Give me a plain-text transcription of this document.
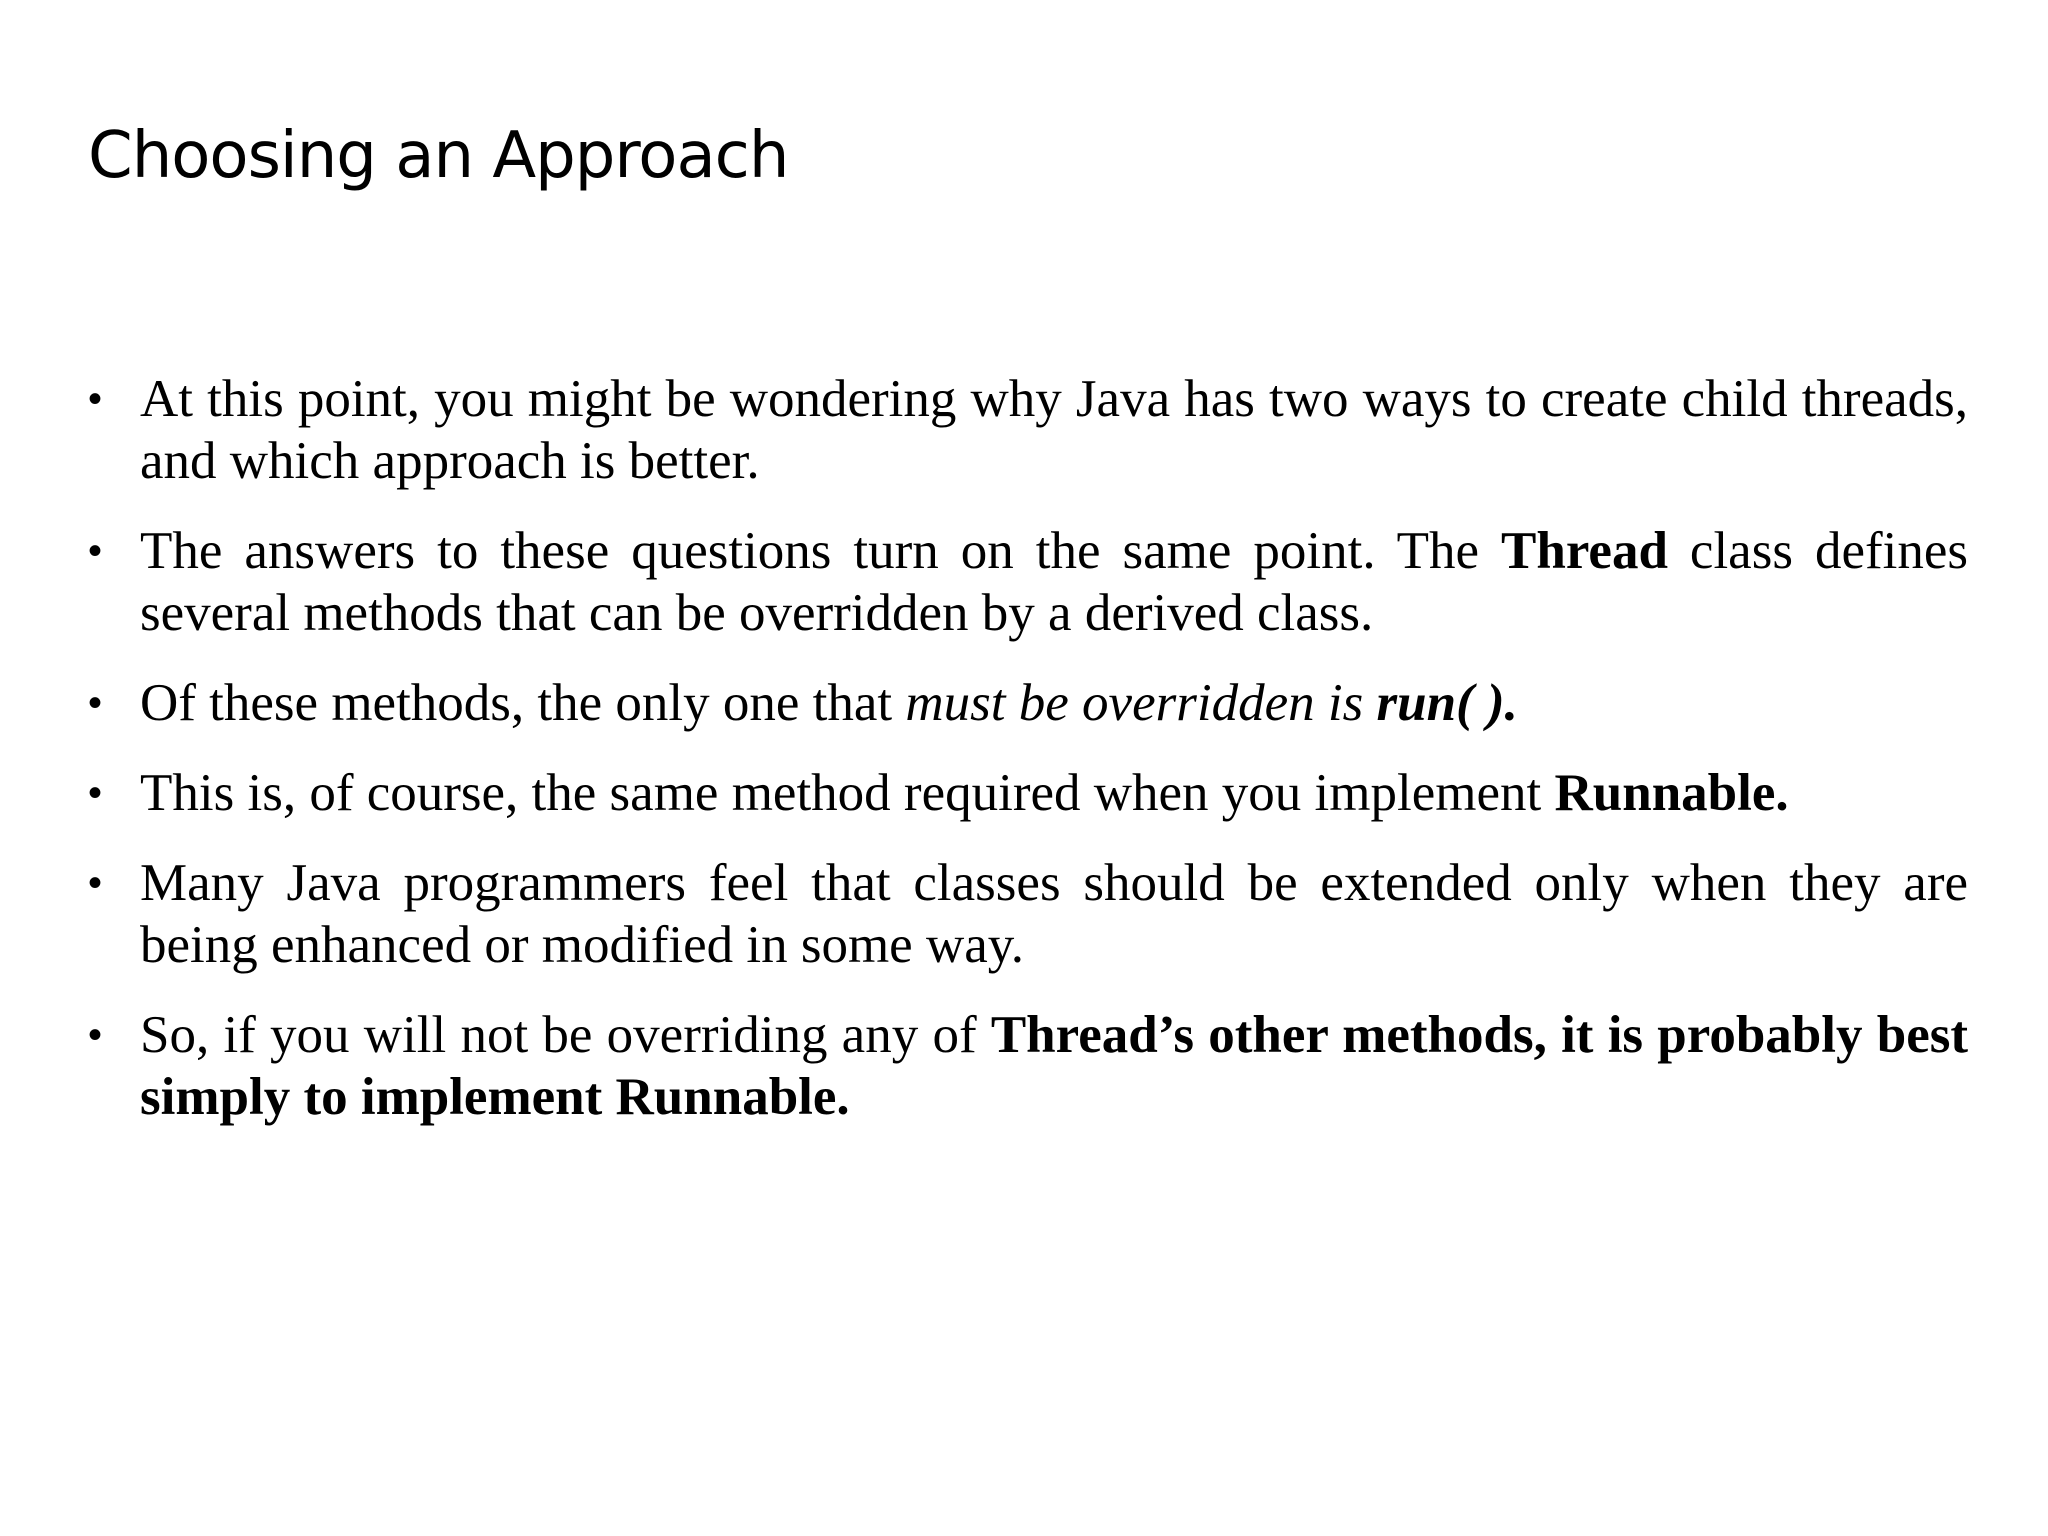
Choosing an Approach
• At this point, you might be wondering why Java has two ways to create child threads, and which approach is better.
• The answers to these questions turn on the same point. The Thread class defines several methods that can be overridden by a derived class.
• Of these methods, the only one that must be overridden is run( ).
• This is, of course, the same method required when you implement Runnable.
• Many Java programmers feel that classes should be extended only when they are being enhanced or modified in some way.
• So, if you will not be overriding any of Thread’s other methods, it is probably best simply to implement Runnable.
